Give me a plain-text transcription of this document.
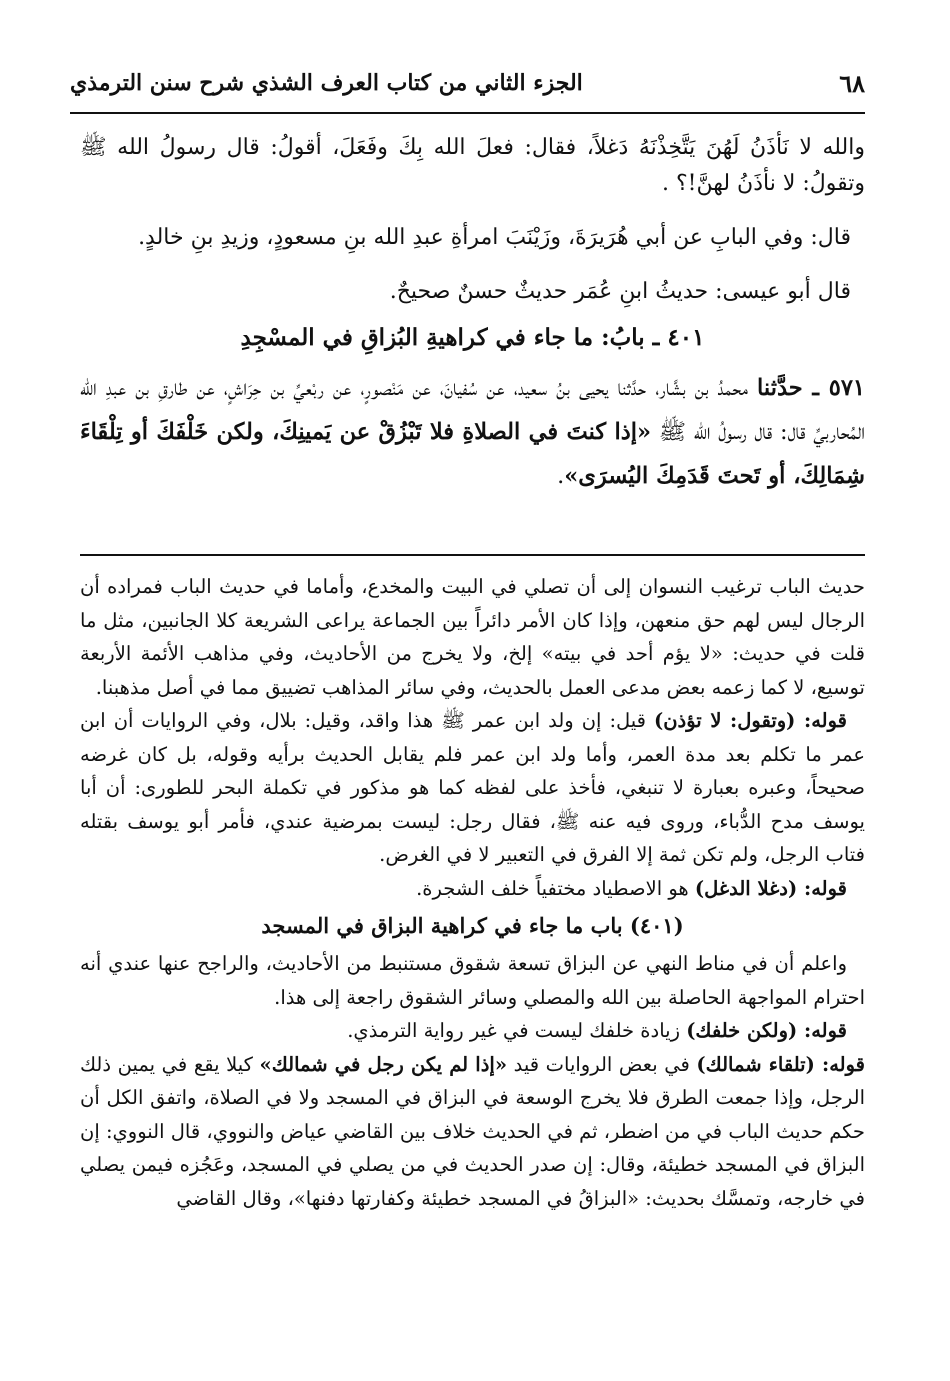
٦٨
الجزء الثاني من كتاب العرف الشذي شرح سنن الترمذي

والله لا نَأذَنُ لَهُنَ يَتَّخِذْنَهُ دَغلاً، فقال: فعلَ الله بِكَ وفَعَلَ، أقولُ: قال رسولُ الله ﷺ وتقولُ: لا نأذَنُ لهنَّ!؟ .

قال: وفي البابِ عن أبي هُرَيرَةَ، وزَيْنَبَ امرأةِ عبدِ الله بنِ مسعودٍ، وزيدِ بنِ خالدٍ.

قال أبو عيسى: حديثُ ابنِ عُمَر حديثٌ حسنٌ صحيحٌ.

٤٠١ ـ بابُ: ما جاء في كراهيةِ البُزاقِ في المسْجِدِ

٥٧١ ـ حدَّثنا محمدُ بن بشَّار، حدَّثنا يحيى بنُ سعيد، عن سُفيانَ، عن مَنْصورٍ، عن ربْعيِّ بن حِرَاشٍ، عن طارقِ بن عبدِ الله المُحاربيِّ قال: قال رسولُ الله ﷺ «إذا كنتَ في الصلاةِ فلا تَبْزُقْ عن يَمينِكَ، ولكن خَلْفَكَ أو تِلْقَاءَ شِمَالِكَ، أو تَحتَ قَدَمِكَ اليُسرَى».

حديث الباب ترغيب النسوان إلى أن تصلي في البيت والمخدع، وأماما في حديث الباب فمراده أن الرجال ليس لهم حق منعهن، وإذا كان الأمر دائراً بين الجماعة يراعى الشريعة كلا الجانبين، مثل ما قلت في حديث: «لا يؤم أحد في بيته» إلخ، ولا يخرج من الأحاديث، وفي مذاهب الأئمة الأربعة توسيع، لا كما زعمه بعض مدعى العمل بالحديث، وفي سائر المذاهب تضييق مما في أصل مذهبنا.

قوله: (وتقول: لا تؤذن) قيل: إن ولد ابن عمر ﷺ هذا واقد، وقيل: بلال، وفي الروايات أن ابن عمر ما تكلم بعد مدة العمر، وأما ولد ابن عمر فلم يقابل الحديث برأيه وقوله، بل كان غرضه صحيحاً، وعبره بعبارة لا تنبغي، فأخذ على لفظه كما هو مذكور في تكملة البحر للطورى: أن أبا يوسف مدح الدُّباء، وروى فيه عنه ﷺ، فقال رجل: ليست بمرضية عندي، فأمر أبو يوسف بقتله فتاب الرجل، ولم تكن ثمة إلا الفرق في التعبير لا في الغرض.

قوله: (دغلا الدغل) هو الاصطياد مختفياً خلف الشجرة.

(٤٠١) باب ما جاء في كراهية البزاق في المسجد

واعلم أن في مناط النهي عن البزاق تسعة شقوق مستنبط من الأحاديث، والراجح عنها عندي أنه احترام المواجهة الحاصلة بين الله والمصلي وسائر الشقوق راجعة إلى هذا.

قوله: (ولكن خلفك) زيادة خلفك ليست في غير رواية الترمذي.

قوله: (تلقاء شمالك) في بعض الروايات قيد «إذا لم يكن رجل في شمالك» كيلا يقع في يمين ذلك الرجل، وإذا جمعت الطرق فلا يخرج الوسعة في البزاق في المسجد ولا في الصلاة، واتفق الكل أن حكم حديث الباب في من اضطر، ثم في الحديث خلاف بين القاضي عياض والنووي، قال النووي: إن البزاق في المسجد خطيئة، وقال: إن صدر الحديث في من يصلي في المسجد، وعَجُزه فيمن يصلي في خارجه، وتمسَّك بحديث: «البزاقُ في المسجد خطيئة وكفارتها دفنها»، وقال القاضي
